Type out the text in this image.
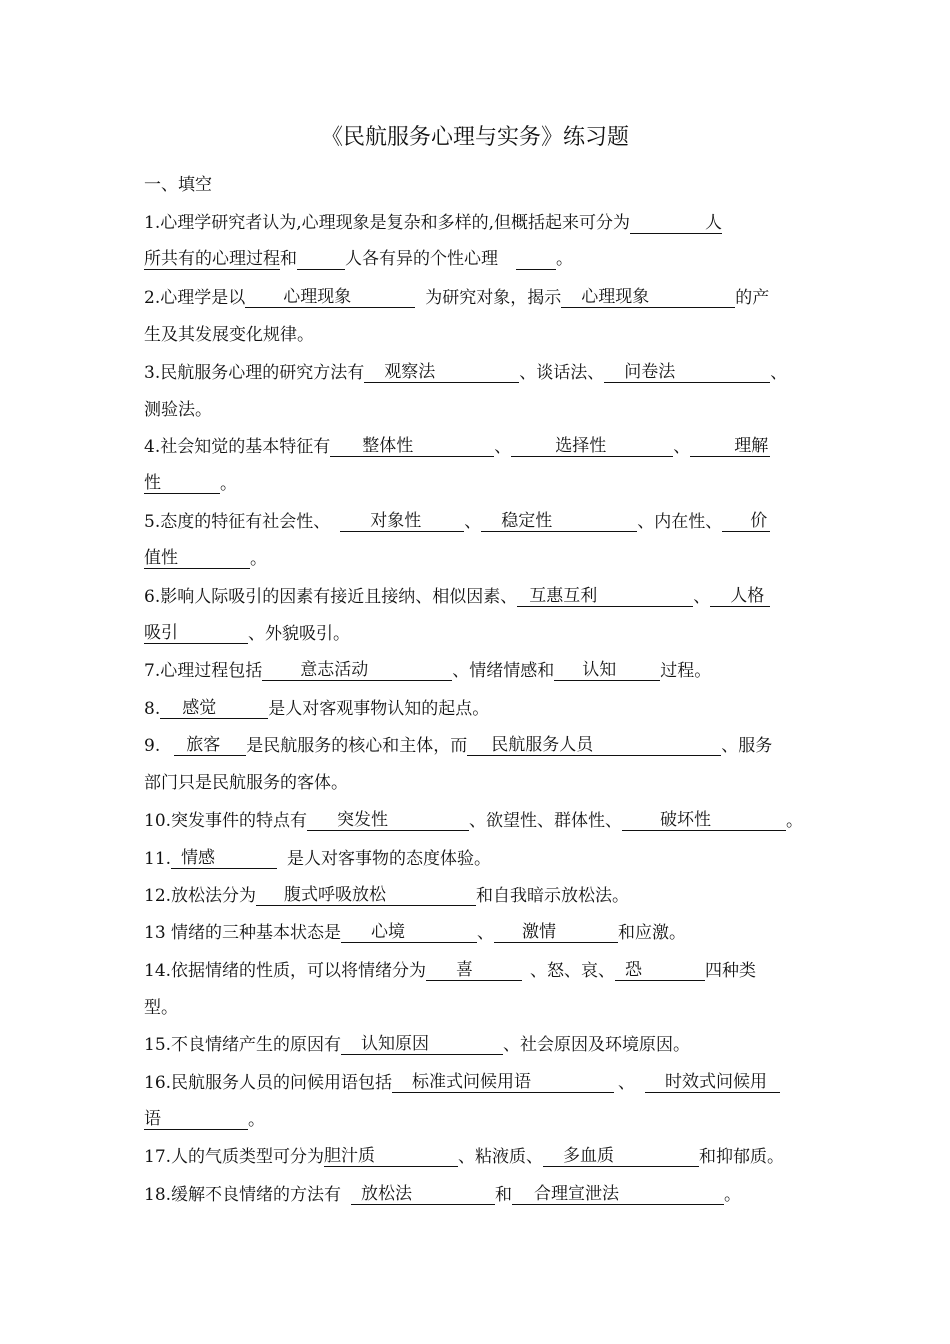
《民航服务心理与实务》练习题
一、填空
1.心理学研究者认为,心理现象是复杂和多样的,但概括起来可分为	人
所共有的心理过程和	人各有异的个性心理	。
2.心理学是以 心理现象	为研究对象，揭示 心理现象	的产
生及其发展变化规律。
3.民航服务心理的研究方法有 观察法	、谈话法、 问卷法	、
测验法。
4.社会知觉的基本特征有 整体性	、	选择性	、	理解
性	。
5.态度的特征有社会性、 对象性	、 稳定性	、内在性、 价
值性	。
6.影响人际吸引的因素有接近且接纳、相似因素、 互惠互利	、 人格
吸引	、外貌吸引。
7.心理过程包括 意志活动	、情绪情感和 认知	过程。
8. 感觉	是人对客观事物认知的起点。
9. 旅客 是民航服务的核心和主体，而 民航服务人员	、服务
部门只是民航服务的客体。
10.突发事件的特点有 突发性	、欲望性、群体性、 破坏性	。
11. 情感	是人对客事物的态度体验。
12.放松法分为 腹式呼吸放松	和自我暗示放松法。
13 情绪的三种基本状态是 心境	、 激情	和应激。
14.依据情绪的性质，可以将情绪分为 喜	、怒、哀、 恐	四种类
型。
15.不良情绪产生的原因有 认知原因	、社会原因及环境原因。
16.民航服务人员的问候用语包括 标准式问候用语	、 时效式问候用
语	。
17.人的气质类型可分为胆汁质	、粘液质、 多血质	和抑郁质。
18.缓解不良情绪的方法有 放松法	和 合理宣泄法	。
